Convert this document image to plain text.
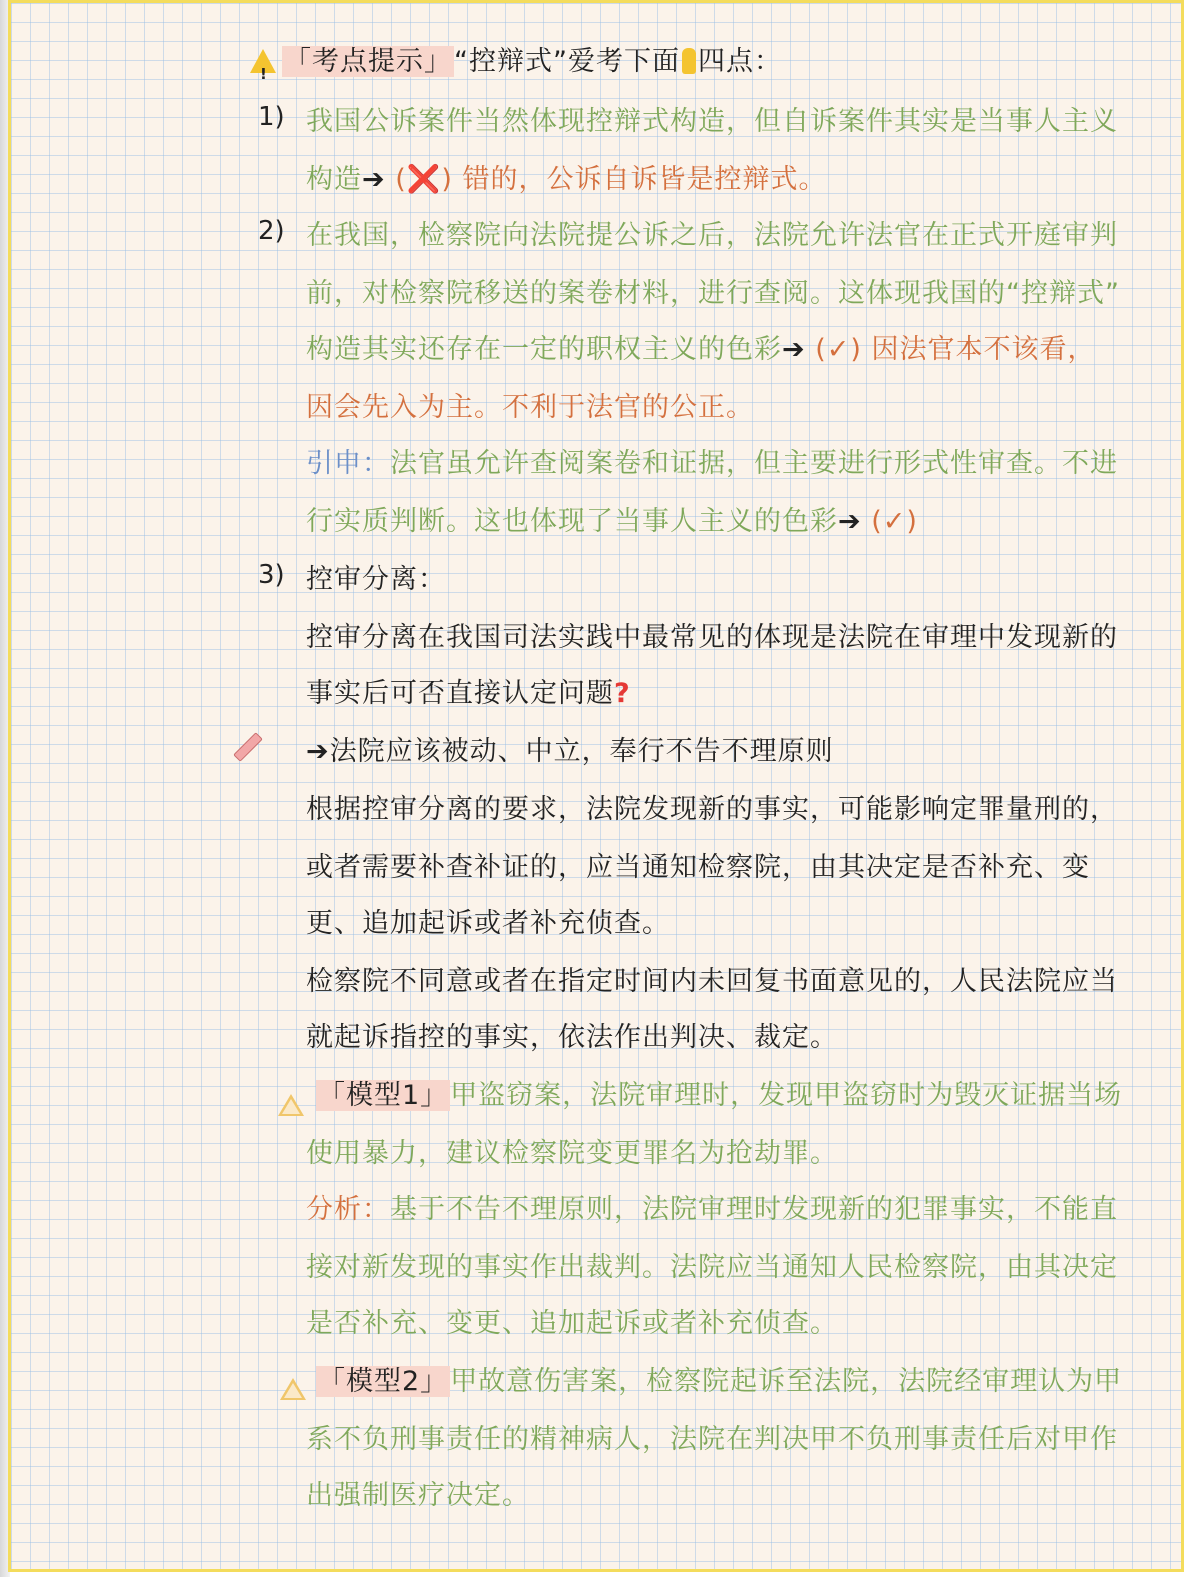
! 「考点提示」“控辩式”爱考下面 四点：
1) 我国公诉案件当然体现控辩式构造，但自诉案件其实是当事人主义
构造➔ (❌) 错的，公诉自诉皆是控辩式。
2) 在我国，检察院向法院提公诉之后，法院允许法官在正式开庭审判
前，对检察院移送的案卷材料，进行查阅。这体现我国的“控辩式”
构造其实还存在一定的职权主义的色彩➔ (✓) 因法官本不该看，
因会先入为主。不利于法官的公正。
引申：法官虽允许查阅案卷和证据，但主要进行形式性审查。不进
行实质判断。这也体现了当事人主义的色彩➔ (✓)
3) 控审分离：
控审分离在我国司法实践中最常见的体现是法院在审理中发现新的
事实后可否直接认定问题?
➔法院应该被动、中立，奉行不告不理原则
根据控审分离的要求，法院发现新的事实，可能影响定罪量刑的，
或者需要补查补证的，应当通知检察院，由其决定是否补充、变
更、追加起诉或者补充侦查。
检察院不同意或者在指定时间内未回复书面意见的，人民法院应当
就起诉指控的事实，依法作出判决、裁定。
「模型1」甲盗窃案，法院审理时，发现甲盗窃时为毁灭证据当场
使用暴力，建议检察院变更罪名为抢劫罪。
分析：基于不告不理原则，法院审理时发现新的犯罪事实，不能直
接对新发现的事实作出裁判。法院应当通知人民检察院，由其决定
是否补充、变更、追加起诉或者补充侦查。
「模型2」甲故意伤害案，检察院起诉至法院，法院经审理认为甲
系不负刑事责任的精神病人，法院在判决甲不负刑事责任后对甲作
出强制医疗决定。
